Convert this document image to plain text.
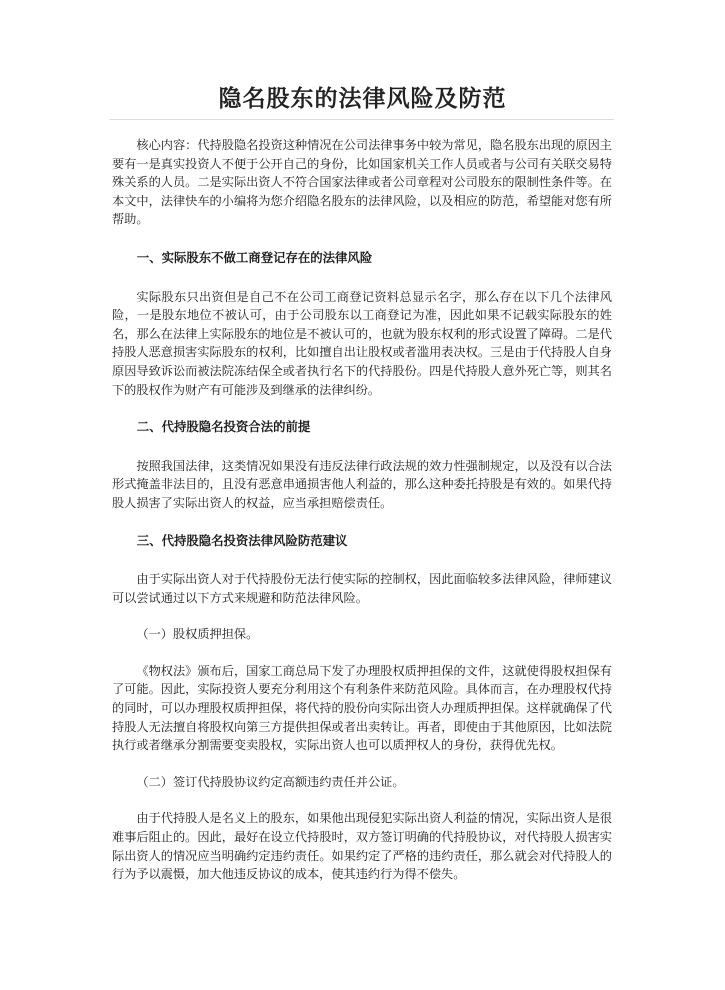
隐名股东的法律风险及防范

核心内容：代持股隐名投资这种情况在公司法律事务中较为常见，隐名股东出现的原因主要有一是真实投资人不便于公开自己的身份，比如国家机关工作人员或者与公司有关联交易特殊关系的人员。二是实际出资人不符合国家法律或者公司章程对公司股东的限制性条件等。在本文中，法律快车的小编将为您介绍隐名股东的法律风险，以及相应的防范，希望能对您有所帮助。

一、实际股东不做工商登记存在的法律风险

实际股东只出资但是自己不在公司工商登记资料总显示名字，那么存在以下几个法律风险，一是股东地位不被认可，由于公司股东以工商登记为准，因此如果不记载实际股东的姓名，那么在法律上实际股东的地位是不被认可的，也就为股东权利的形式设置了障碍。二是代持股人恶意损害实际股东的权利，比如擅自出让股权或者滥用表决权。三是由于代持股人自身原因导致诉讼而被法院冻结保全或者执行名下的代持股份。四是代持股人意外死亡等，则其名下的股权作为财产有可能涉及到继承的法律纠纷。

二、代持股隐名投资合法的前提

按照我国法律，这类情况如果没有违反法律行政法规的效力性强制规定，以及没有以合法形式掩盖非法目的，且没有恶意串通损害他人利益的，那么这种委托持股是有效的。如果代持股人损害了实际出资人的权益，应当承担赔偿责任。

三、代持股隐名投资法律风险防范建议

由于实际出资人对于代持股份无法行使实际的控制权，因此面临较多法律风险，律师建议可以尝试通过以下方式来规避和防范法律风险。

（一）股权质押担保。

《物权法》颁布后，国家工商总局下发了办理股权质押担保的文件，这就使得股权担保有了可能。因此，实际投资人要充分利用这个有利条件来防范风险。具体而言，在办理股权代持的同时，可以办理股权质押担保，将代持的股份向实际出资人办理质押担保。这样就确保了代持股人无法擅自将股权向第三方提供担保或者出卖转让。再者，即使由于其他原因，比如法院执行或者继承分割需要变卖股权，实际出资人也可以质押权人的身份，获得优先权。

（二）签订代持股协议约定高额违约责任并公证。

由于代持股人是名义上的股东，如果他出现侵犯实际出资人利益的情况，实际出资人是很难事后阻止的。因此，最好在设立代持股时，双方签订明确的代持股协议，对代持股人损害实际出资人的情况应当明确约定违约责任。如果约定了严格的违约责任，那么就会对代持股人的行为予以震慑，加大他违反协议的成本，使其违约行为得不偿失。
